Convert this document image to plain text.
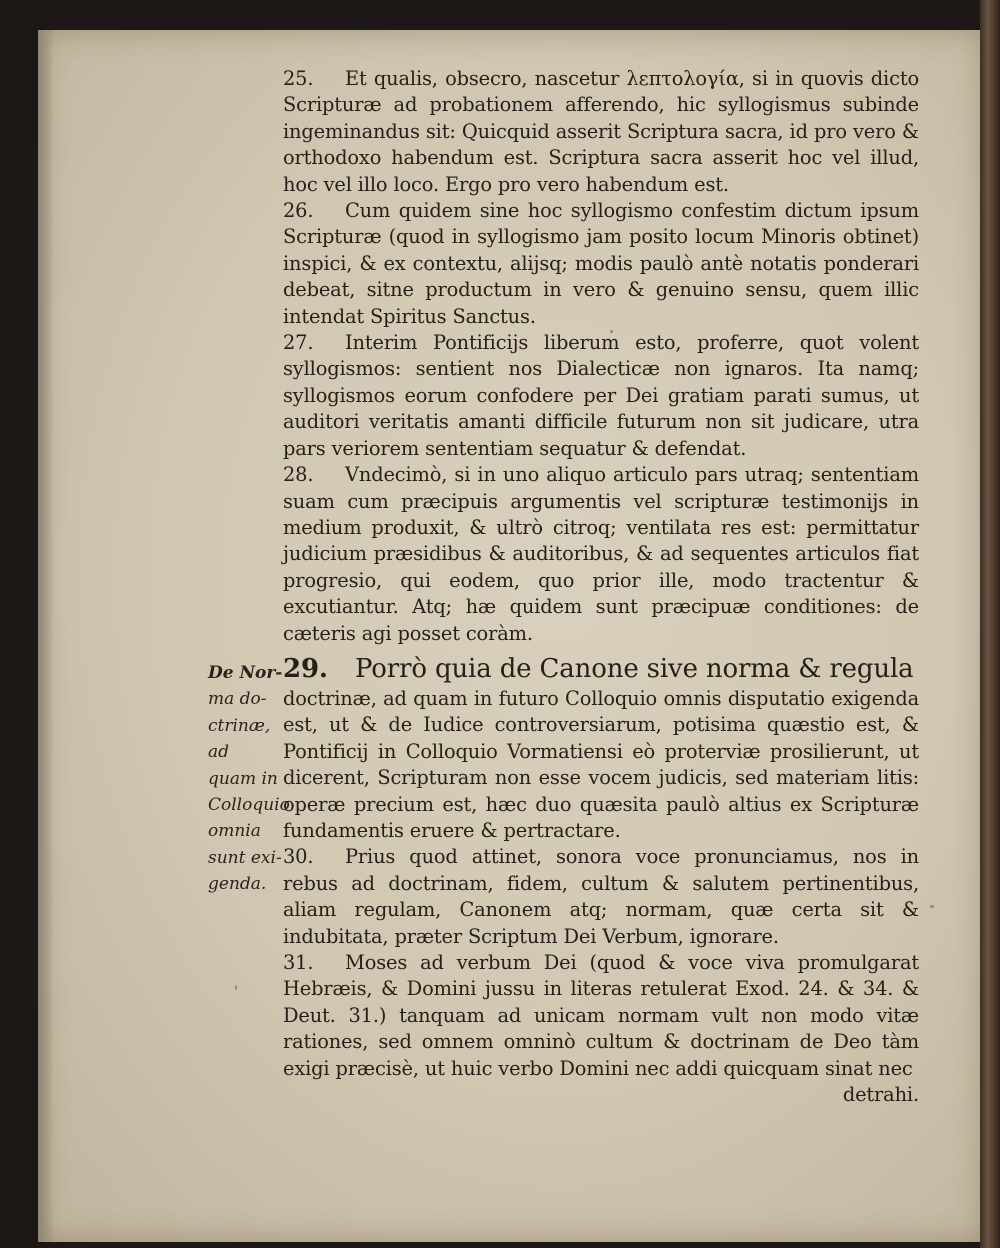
25. Et qualis, obsecro, nascetur λεπτολογία, si in quovis dicto Scripturæ ad probationem afferendo, hic syllogismus subinde ingeminandus sit: Quicquid asserit Scriptura sacra, id pro vero & orthodoxo habendum est. Scriptura sacra asserit hoc vel illud, hoc vel illo loco. Ergo pro vero habendum est.

26. Cum quidem sine hoc syllogismo confestim dictum ipsum Scripturæ (quod in syllogismo jam posito locum Minoris obtinet) inspici, & ex contextu, alijsq; modis paulò antè notatis ponderari debeat, sitne productum in vero & genuino sensu, quem illic intendat Spiritus Sanctus.

27. Interim Pontificijs liberum esto, proferre, quot volent syllogismos: sentient nos Dialecticæ non ignaros. Ita namq; syllogismos eorum confodere per Dei gratiam parati sumus, ut auditori veritatis amanti difficile futurum non sit judicare, utra pars veriorem sententiam sequatur & defendat.

28. Vndecimò, si in uno aliquo articulo pars utraq; sententiam suam cum præcipuis argumentis vel scripturæ testimonijs in medium produxit, & ultrò citroq; ventilata res est: permittatur judicium præsidibus & auditoribus, & ad sequentes articulos fiat progresio, qui eodem, quo prior ille, modo tractentur & excutiantur. Atq; hæ quidem sunt præcipuæ conditiones: de cæteris agi posset coràm.

29. Porrò quia de Canone sive norma & regula

doctrinæ, ad quam in futuro Colloquio omnis disputatio exigenda est, ut & de Iudice controversiarum, potisima quæstio est, & Pontificij in Colloquio Vormatiensi eò proterviæ prosilierunt, ut dicerent, Scripturam non esse vocem judicis, sed materiam litis: operæ precium est, hæc duo quæsita paulò altius ex Scripturæ fundamentis eruere & pertractare.

30. Prius quod attinet, sonora voce pronunciamus, nos in rebus ad doctrinam, fidem, cultum & salutem pertinentibus, aliam regulam, Canonem atq; normam, quæ certa sit & indubitata, præter Scriptum Dei Verbum, ignorare.

31. Moses ad verbum Dei (quod & voce viva promulgarat Hebræis, & Domini jussu in literas retulerat Exod. 24. & 34. & Deut. 31.) tanquam ad unicam normam vult non modo vitæ rationes, sed omnem omninò cultum & doctrinam de Deo tàm exigi præcisè, ut huic verbo Domini nec addi quicquam sinat nec

detrahi.

De Nor-
ma do-
ctrinæ, ad
quam in
Colloquio
omnia
sunt exi-
genda.
